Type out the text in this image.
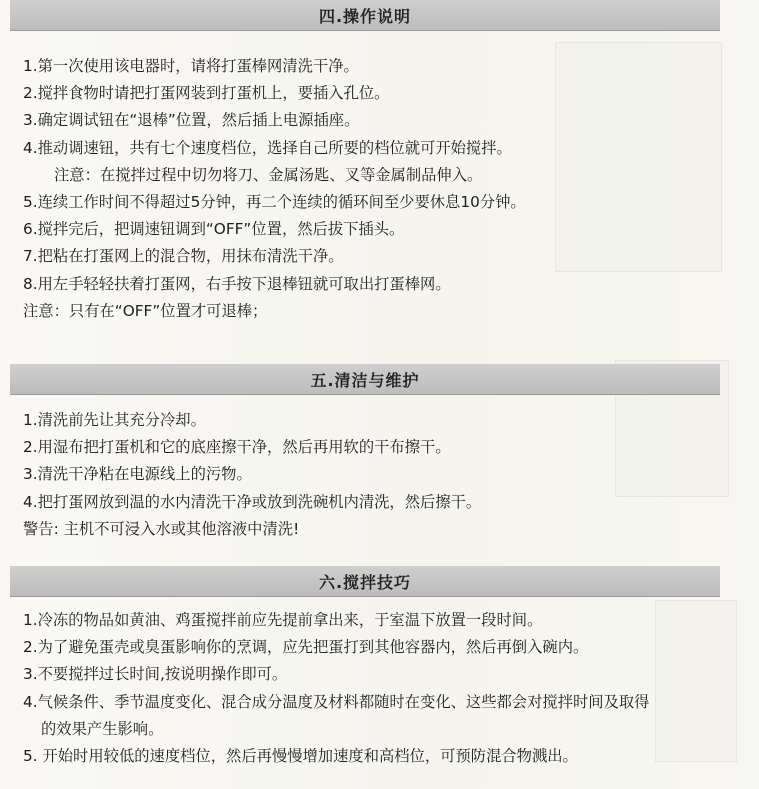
四.操作说明
1.第一次使用该电器时，请将打蛋棒网清洗干净。
2.搅拌食物时请把打蛋网装到打蛋机上，要插入孔位。
3.确定调试钮在“退棒”位置，然后插上电源插座。
4.推动调速钮，共有七个速度档位，选择自己所要的档位就可开始搅拌。
注意：在搅拌过程中切勿将刀、金属汤匙、叉等金属制品伸入。
5.连续工作时间不得超过5分钟，再二个连续的循环间至少要休息10分钟。
6.搅拌完后，把调速钮调到“OFF”位置，然后拔下插头。
7.把粘在打蛋网上的混合物，用抹布清洗干净。
8.用左手轻轻扶着打蛋网，右手按下退棒钮就可取出打蛋棒网。
注意：只有在“OFF”位置才可退棒；
五.清洁与维护
1.清洗前先让其充分冷却。
2.用湿布把打蛋机和它的底座擦干净，然后再用软的干布擦干。
3.清洗干净粘在电源线上的污物。
4.把打蛋网放到温的水内清洗干净或放到洗碗机内清洗，然后擦干。
警告: 主机不可浸入水或其他溶液中清洗!
六.搅拌技巧
1.冷冻的物品如黄油、鸡蛋搅拌前应先提前拿出来，于室温下放置一段时间。
2.为了避免蛋壳或臭蛋影响你的烹调，应先把蛋打到其他容器内，然后再倒入碗内。
3.不要搅拌过长时间,按说明操作即可。
4.气候条件、季节温度变化、混合成分温度及材料都随时在变化、这些都会对搅拌时间及取得
的效果产生影响。
5. 开始时用较低的速度档位，然后再慢慢增加速度和高档位，可预防混合物溅出。
